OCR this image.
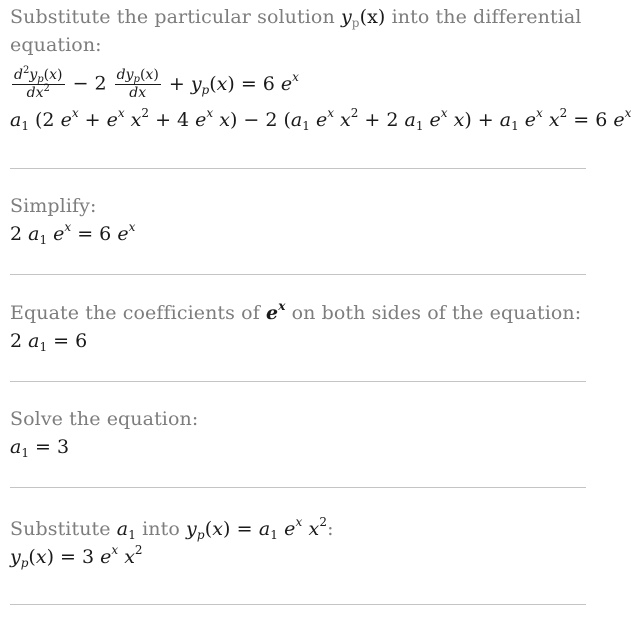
Substitute the particular solution $y_p(x)$ into the differential equation:
$\frac{d^2y_p(x)}{dx^2} - 2 \frac{dy_p(x)}{dx} + y_p(x) = 6$ $e^x$
$a_1$ (2 $e^x + e^x$ $x^2 + 4$ $e^x$ x) − 2 ($a_1$ $e^x$ $x^2 + 2$ $a_1$ $e^x$ $x) + a_1$ $e^x$ $x^2 = 6$ $e^x$
Simplify:
2 $a_1$ $e^x = 6$ $e^x$
Equate the coefficients of $e^x$ on both sides of the equation:
2 $a_1 = 6$
Solve the equation:
$a_1 = 3$
Substitute $a_1$ into $y_p(x) = a_1$ $e^x$ $x^2$:
$y_p(x) = 3$ $e^x$ $x^2$
